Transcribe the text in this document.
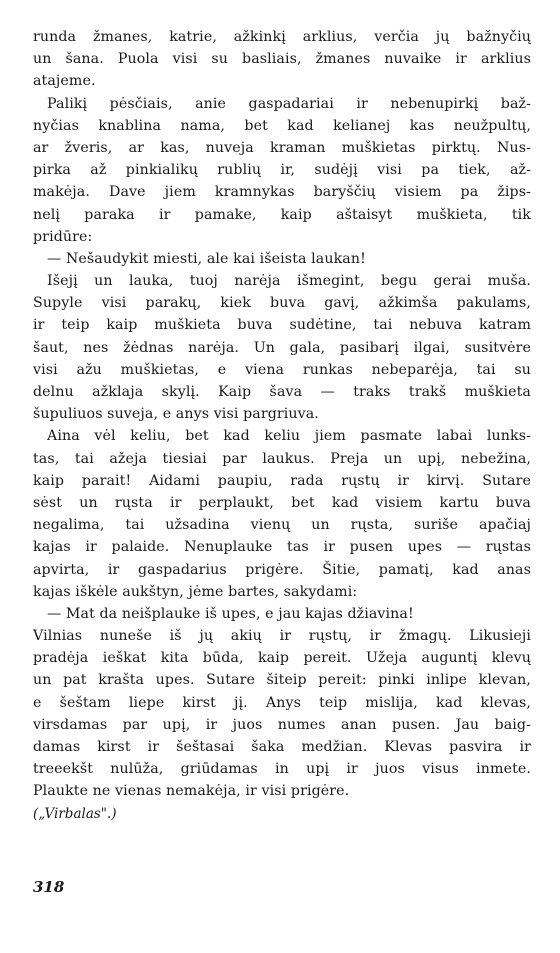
runda žmanes, katrie, ažkinkį arklius, verčia jų bažnyčių
un šana. Puola visi su basliais, žmanes nuvaike ir arklius
atajeme.
Palikį pėsčiais, anie gaspadariai ir nebenupirkį baž-
nyčias knablina nama, bet kad kelianej kas neužpultų,
ar žveris, ar kas, nuveja kraman muškietas pirktų. Nus-
pirka až pinkialikų rublių ir, sudėjį visi pa tiek, až-
makėja. Dave jiem kramnykas baryščių visiem pa žips-
nelį paraka ir pamake, kaip aštaisyt muškieta, tik
pridūre:
— Nešaudykit miesti, ale kai išeista laukan!
Išejį un lauka, tuoj narėja išmegint, begu gerai muša.
Supyle visi parakų, kiek buva gavį, ažkimša pakulams,
ir teip kaip muškieta buva sudėtine, tai nebuva katram
šaut, nes žėdnas narėja. Un gala, pasibarį ilgai, susitvėre
visi ažu muškietas, e viena runkas nebeparėja, tai su
delnu ažklaja skylį. Kaip šava — traks trakš muškieta
šupuliuos suveja, e anys visi pargriuva.
Aina vėl keliu, bet kad keliu jiem pasmate labai lunks-
tas, tai ažeja tiesiai par laukus. Preja un upį, nebežina,
kaip parait! Aidami paupiu, rada rųstų ir kirvį. Sutare
sėst un rųsta ir perplaukt, bet kad visiem kartu buva
negalima, tai užsadina vienų un rųsta, suriše apačiaj
kajas ir palaide. Nenuplauke tas ir pusen upes — rųstas
apvirta, ir gaspadarius prigėre. Šitie, pamatį, kad anas
kajas iškėle aukštyn, jėme bartes, sakydami:
— Mat da neišplauke iš upes, e jau kajas džiavina!
Vilnias nuneše iš jų akių ir rųstų, ir žmagų. Likusieji
pradėja ieškat kita būda, kaip pereit. Užeja auguntį klevų
un pat krašta upes. Sutare šiteip pereit: pinki inlipe klevan,
e šeštam liepe kirst jį. Anys teip mislija, kad klevas,
virsdamas par upį, ir juos numes anan pusen. Jau baig-
damas kirst ir šeštasai šaka medžian. Klevas pasvira ir
treeekšt nulūža, griūdamas in upį ir juos visus inmete.
Plaukte ne vienas nemakėja, ir visi prigėre.
(„Virbalas".)
318
